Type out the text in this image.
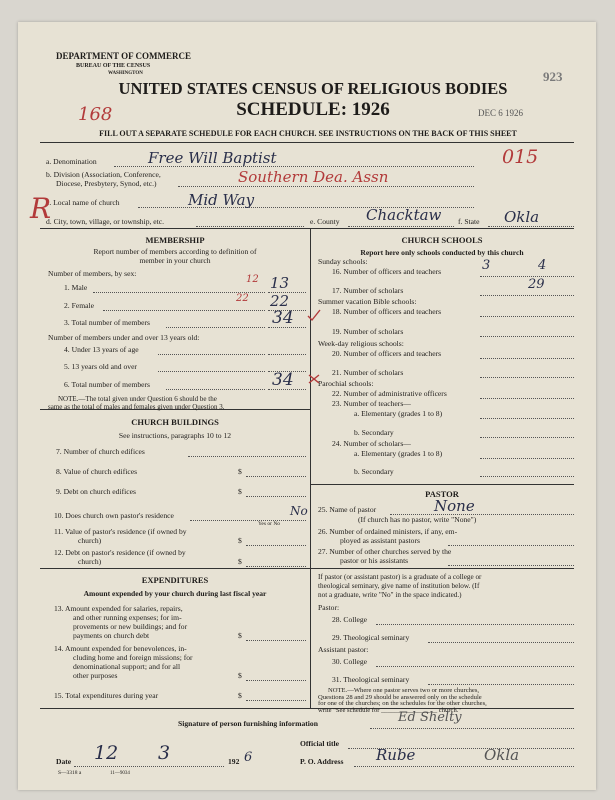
DEPARTMENT OF COMMERCE
BUREAU OF THE CENSUS
WASHINGTON	923
UNITED STATES CENSUS OF RELIGIOUS BODIES
SCHEDULE: 1926
168	DEC 6 1926
FILL OUT A SEPARATE SCHEDULE FOR EACH CHURCH. SEE INSTRUCTIONS ON THE BACK OF THIS SHEET
a. Denomination	Free Will Baptist	015
b. Division (Association, Conference,
Diocese, Presbytery, Synod, etc.)	Southern Dea. Assn
c. Local name of church	Mid Way
R
d. City, town, village, or township, etc.	e. County Chacktaw f. State Okla
MEMBERSHIP
Report number of members according to definition of
member in your church
Number of members, by sex:
1. Male
12 13
2. Female
22 22
3. Total number of members	34
Number of members under and over 13 years old:
4. Under 13 years of age
5. 13 years old and over
6. Total number of members	34
NOTE.—The total given under Question 6 should be the
same as the total of males and females given under Question 3.
CHURCH BUILDINGS
See instructions, paragraphs 10 to 12
7. Number of church edifices
8. Value of church edifices	$
9. Debt on church edifices	$
10. Does church own pastor's residence	No
Yes or No
11. Value of pastor's residence (if owned by
church)	$
12. Debt on pastor's residence (if owned by
church)	$
EXPENDITURES
Amount expended by your church during last fiscal year
13. Amount expended for salaries, repairs,
and other running expenses; for im-
provements or new buildings; and for
payments on church debt	$
14. Amount expended for benevolences, in-
cluding home and foreign missions; for
denominational support; and for all
other purposes	$
15. Total expenditures during year	$
CHURCH SCHOOLS
Report here only schools conducted by this church
Sunday schools:
16. Number of officers and teachers	3	4
17. Number of scholars	29
Summer vacation Bible schools:
18. Number of officers and teachers
19. Number of scholars
Week-day religious schools:
20. Number of officers and teachers
21. Number of scholars
Parochial schools:
22. Number of administrative officers
23. Number of teachers—
a. Elementary (grades 1 to 8)
b. Secondary
24. Number of scholars—
a. Elementary (grades 1 to 8)
b. Secondary
PASTOR
25. Name of pastor	None
(If church has no pastor, write "None")
26. Number of ordained ministers, if any, em-
ployed as assistant pastors
27. Number of other churches served by the
pastor or his assistants
If pastor (or assistant pastor) is a graduate of a college or
theological seminary, give name of institution below. (If
not a graduate, write "No" in the space indicated.)
Pastor:
28. College
29. Theological seminary
Assistant pastor:
30. College
31. Theological seminary
NOTE.—Where one pastor serves two or more churches,
Questions 28 and 29 should be answered only on the schedule
for one of the churches; on the schedules for the other churches,
write "See schedule for _________________ church."
Signature of person furnishing information	Ed Shelty
Official title
Date 12 3	192 6	P. O. Address Rube	Okla
S—3318 a	11—9034
